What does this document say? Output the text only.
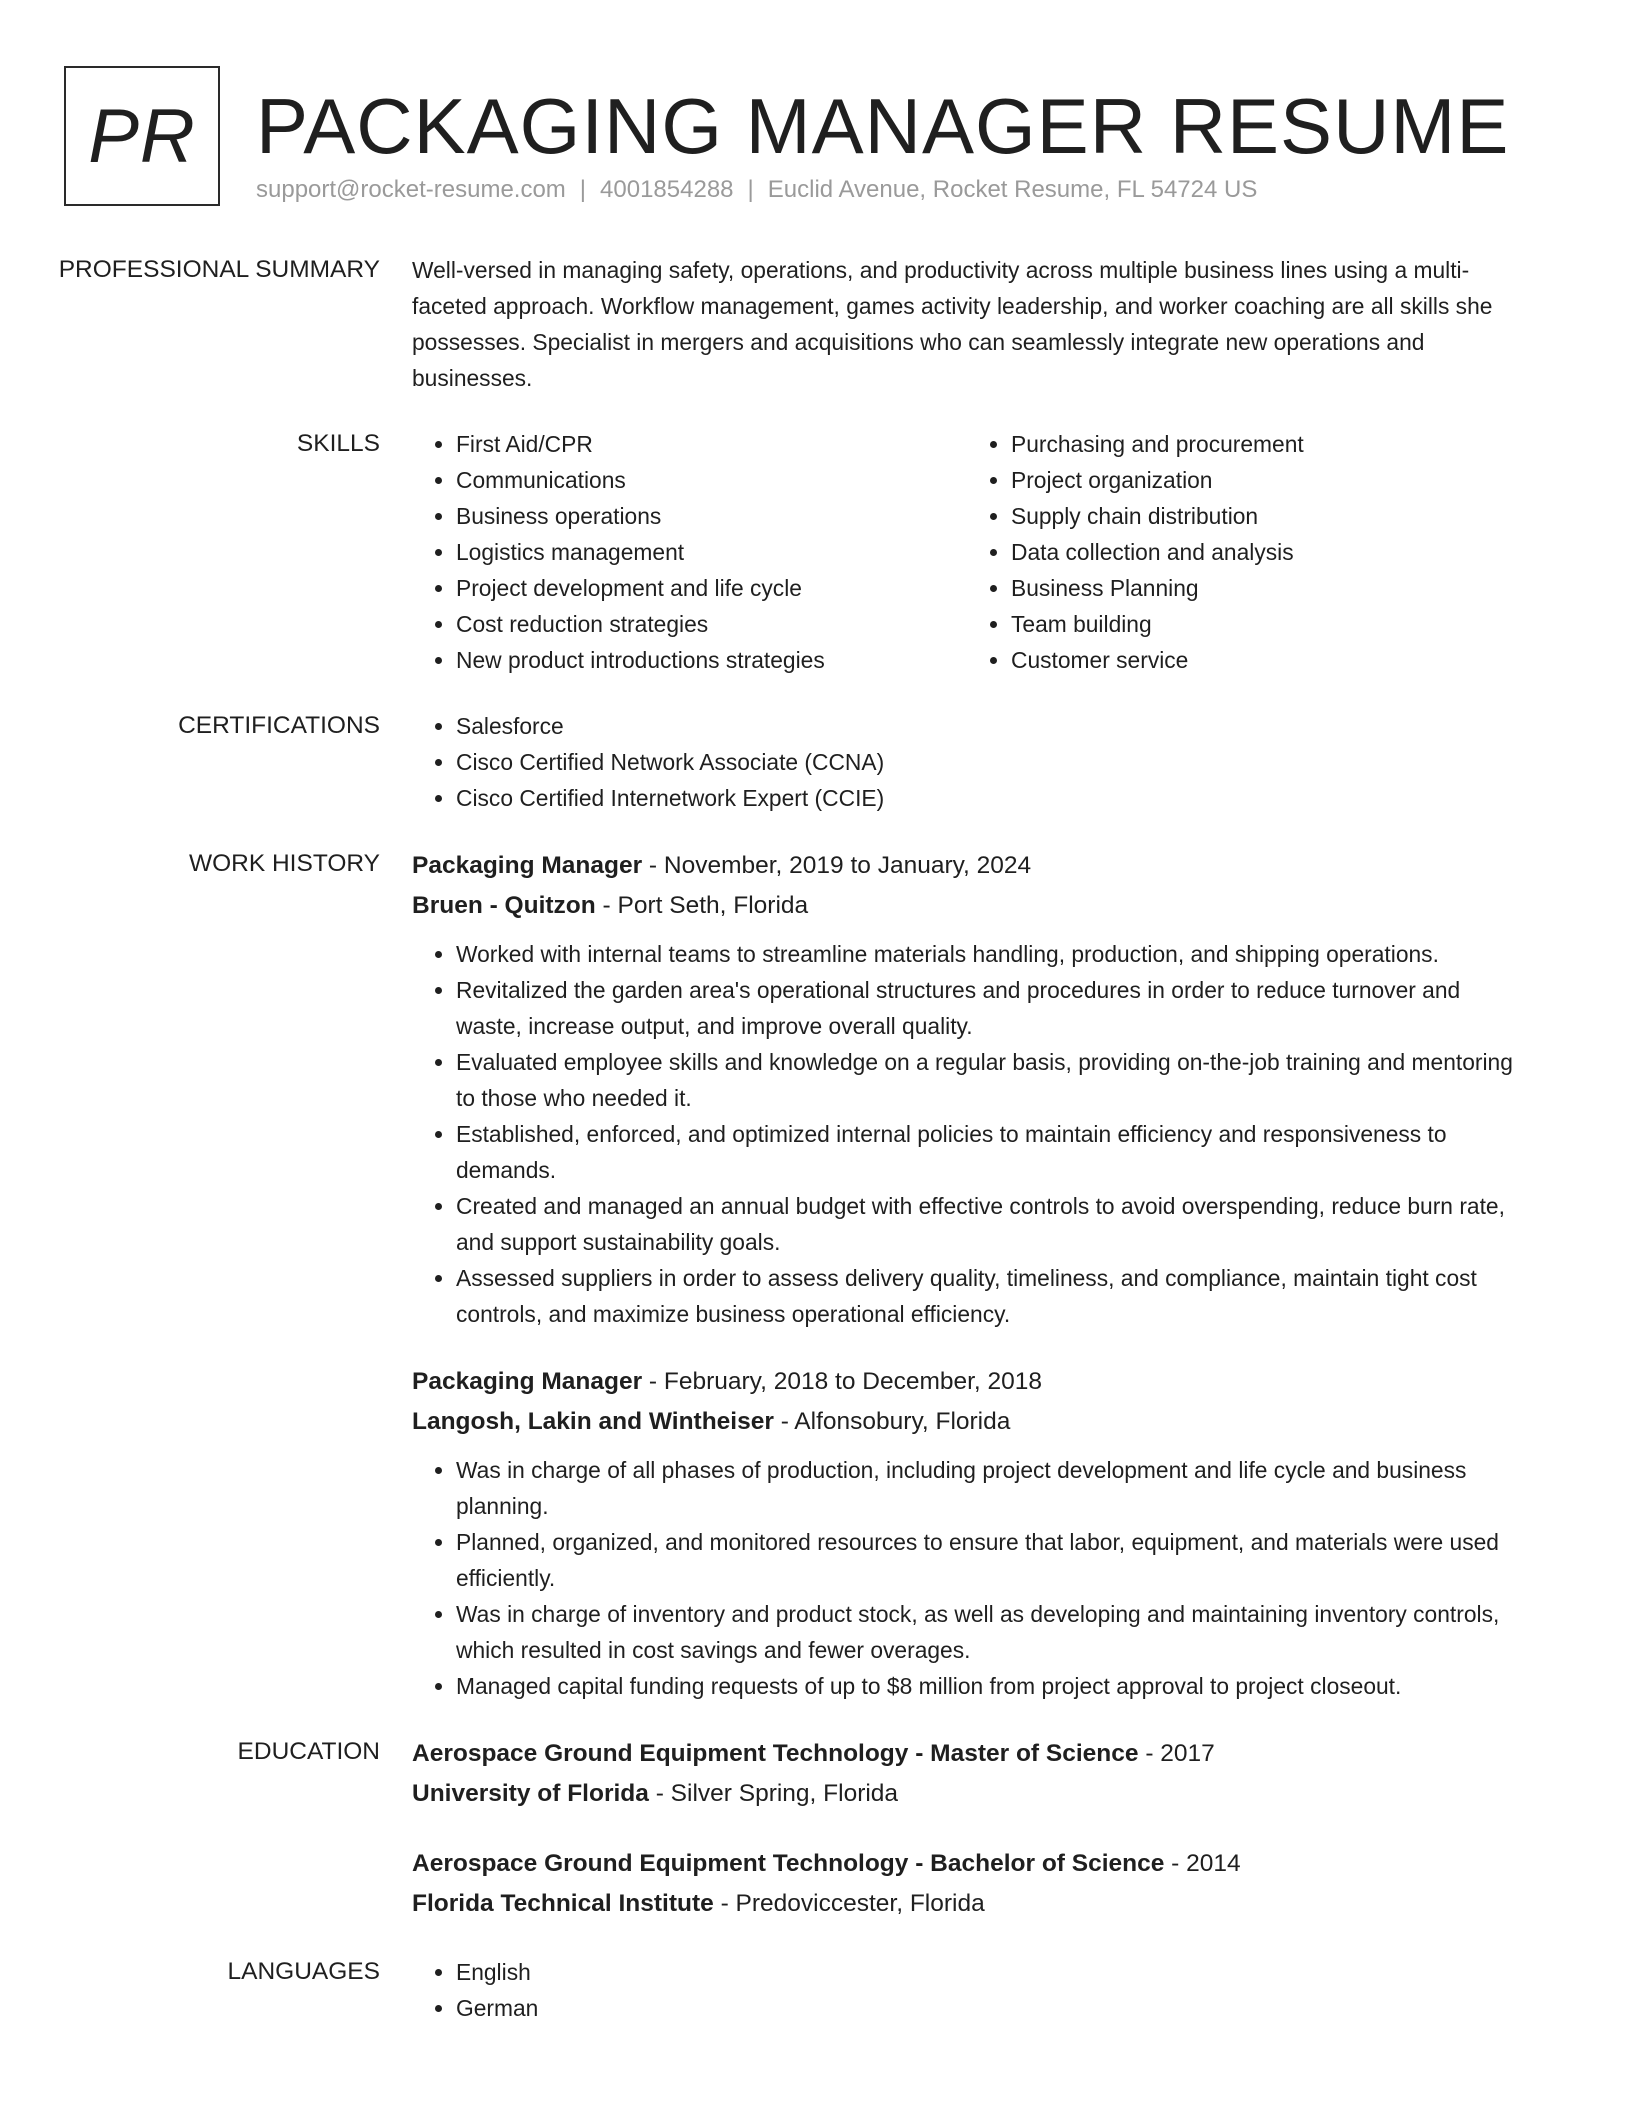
PR PACKAGING MANAGER RESUME
support@rocket-resume.com | 4001854288 | Euclid Avenue, Rocket Resume, FL 54724 US
PROFESSIONAL SUMMARY	Well-versed in managing safety, operations, and productivity across multiple business lines using a multi-faceted approach. Workflow management, games activity leadership, and worker coaching are all skills she possesses. Specialist in mergers and acquisitions who can seamlessly integrate new operations and businesses.

SKILLS	• First Aid/CPR
• Communications
• Business operations
• Logistics management
• Project development and life cycle
• Cost reduction strategies
• New product introductions strategies
• Purchasing and procurement
• Project organization
• Supply chain distribution
• Data collection and analysis
• Business Planning
• Team building
• Customer service
CERTIFICATIONS	• Salesforce
• Cisco Certified Network Associate (CCNA)
• Cisco Certified Internetwork Expert (CCIE)
WORK HISTORY	Packaging Manager - November, 2019 to January, 2024
Bruen - Quitzon - Port Seth, Florida
• Worked with internal teams to streamline materials handling, production, and shipping operations.
• Revitalized the garden area's operational structures and procedures in order to reduce turnover and waste, increase output, and improve overall quality.
• Evaluated employee skills and knowledge on a regular basis, providing on-the-job training and mentoring to those who needed it.
• Established, enforced, and optimized internal policies to maintain efficiency and responsiveness to demands.
• Created and managed an annual budget with effective controls to avoid overspending, reduce burn rate, and support sustainability goals.
• Assessed suppliers in order to assess delivery quality, timeliness, and compliance, maintain tight cost controls, and maximize business operational efficiency.
Packaging Manager - February, 2018 to December, 2018
Langosh, Lakin and Wintheiser - Alfonsobury, Florida
• Was in charge of all phases of production, including project development and life cycle and business planning.
• Planned, organized, and monitored resources to ensure that labor, equipment, and materials were used efficiently.
• Was in charge of inventory and product stock, as well as developing and maintaining inventory controls, which resulted in cost savings and fewer overages.
• Managed capital funding requests of up to $8 million from project approval to project closeout.
EDUCATION	Aerospace Ground Equipment Technology - Master of Science - 2017
University of Florida - Silver Spring, Florida
Aerospace Ground Equipment Technology - Bachelor of Science - 2014
Florida Technical Institute - Predoviccester, Florida
LANGUAGES	• English
• German
